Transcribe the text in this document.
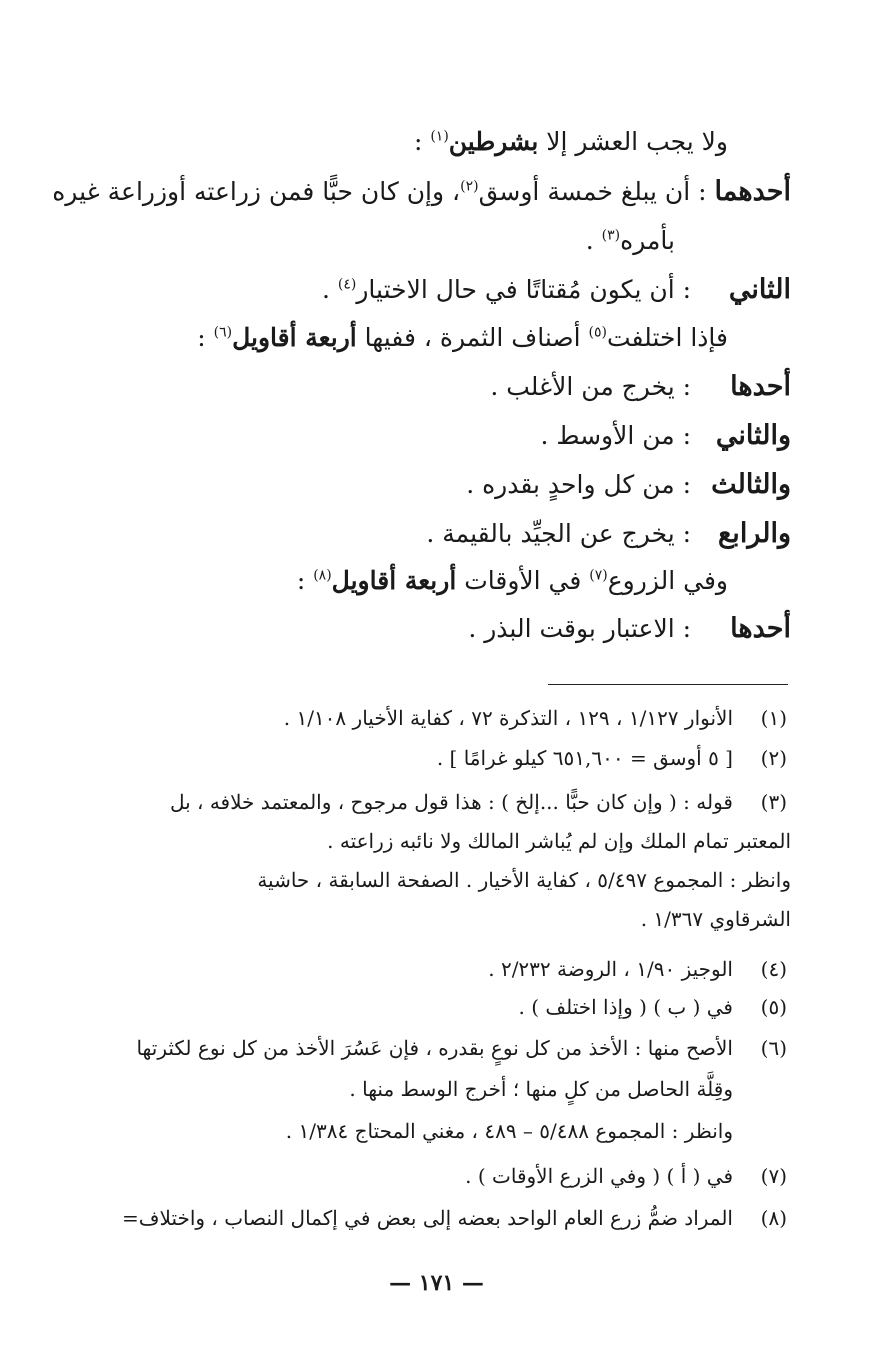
ولا يجب العشر إلا بشرطين$^{(١)}$ :
أحدهما : أن يبلغ خمسة أوسق$^{(٢)}$، وإن كان حبًّا فمن زراعته أوزراعة غيره
بأمره$^{(٣)}$ .
الثاني : أن يكون مُقتاتًا في حال الاختيار$^{(٤)}$ .
فإذا اختلفت$^{(٥)}$ أصناف الثمرة ، ففيها أربعة أقاويل$^{(٦)}$ :
أحدها : يخرج من الأغلب .
والثاني : من الأوسط .
والثالث : من كل واحدٍ بقدره .
والرابع : يخرج عن الجيِّد بالقيمة .
وفي الزروع$^{(٧)}$ في الأوقات أربعة أقاويل$^{(٨)}$ :
أحدها : الاعتبار بوقت البذر .
(١)
الأنوار ١/١٢٧ ، ١٢٩ ، التذكرة ٧٢ ، كفاية الأخيار ١/١٠٨ .
(٢)
[ ٥ أوسق = ٦٥١,٦٠٠ كيلو غرامًا ] .
(٣)
قوله : ( وإن كان حبًّا ...إلخ ) : هذا قول مرجوح ، والمعتمد خلافه ، بل
المعتبر تمام الملك وإن لم يُباشر المالك ولا نائبه زراعته .
وانظر : المجموع ٥/٤٩٧ ، كفاية الأخيار . الصفحة السابقة ، حاشية
الشرقاوي ١/٣٦٧ .
(٤)
الوجيز ١/٩٠ ، الروضة ٢/٢٣٢ .
(٥)
في ( ب ) ( وإذا اختلف ) .
(٦)
الأصح منها : الأخذ من كل نوعٍ بقدره ، فإن عَسُرَ الأخذ من كل نوع لكثرتها
وقِلَّة الحاصل من كلٍ منها ؛ أخرج الوسط منها .
وانظر : المجموع ٥/٤٨٨ – ٤٨٩ ، مغني المحتاج ١/٣٨٤ .
(٧)
في ( أ ) ( وفي الزرع الأوقات ) .
(٨)
المراد ضمُّ زرع العام الواحد بعضه إلى بعض في إكمال النصاب ، واختلاف=
— ١٧١ —
